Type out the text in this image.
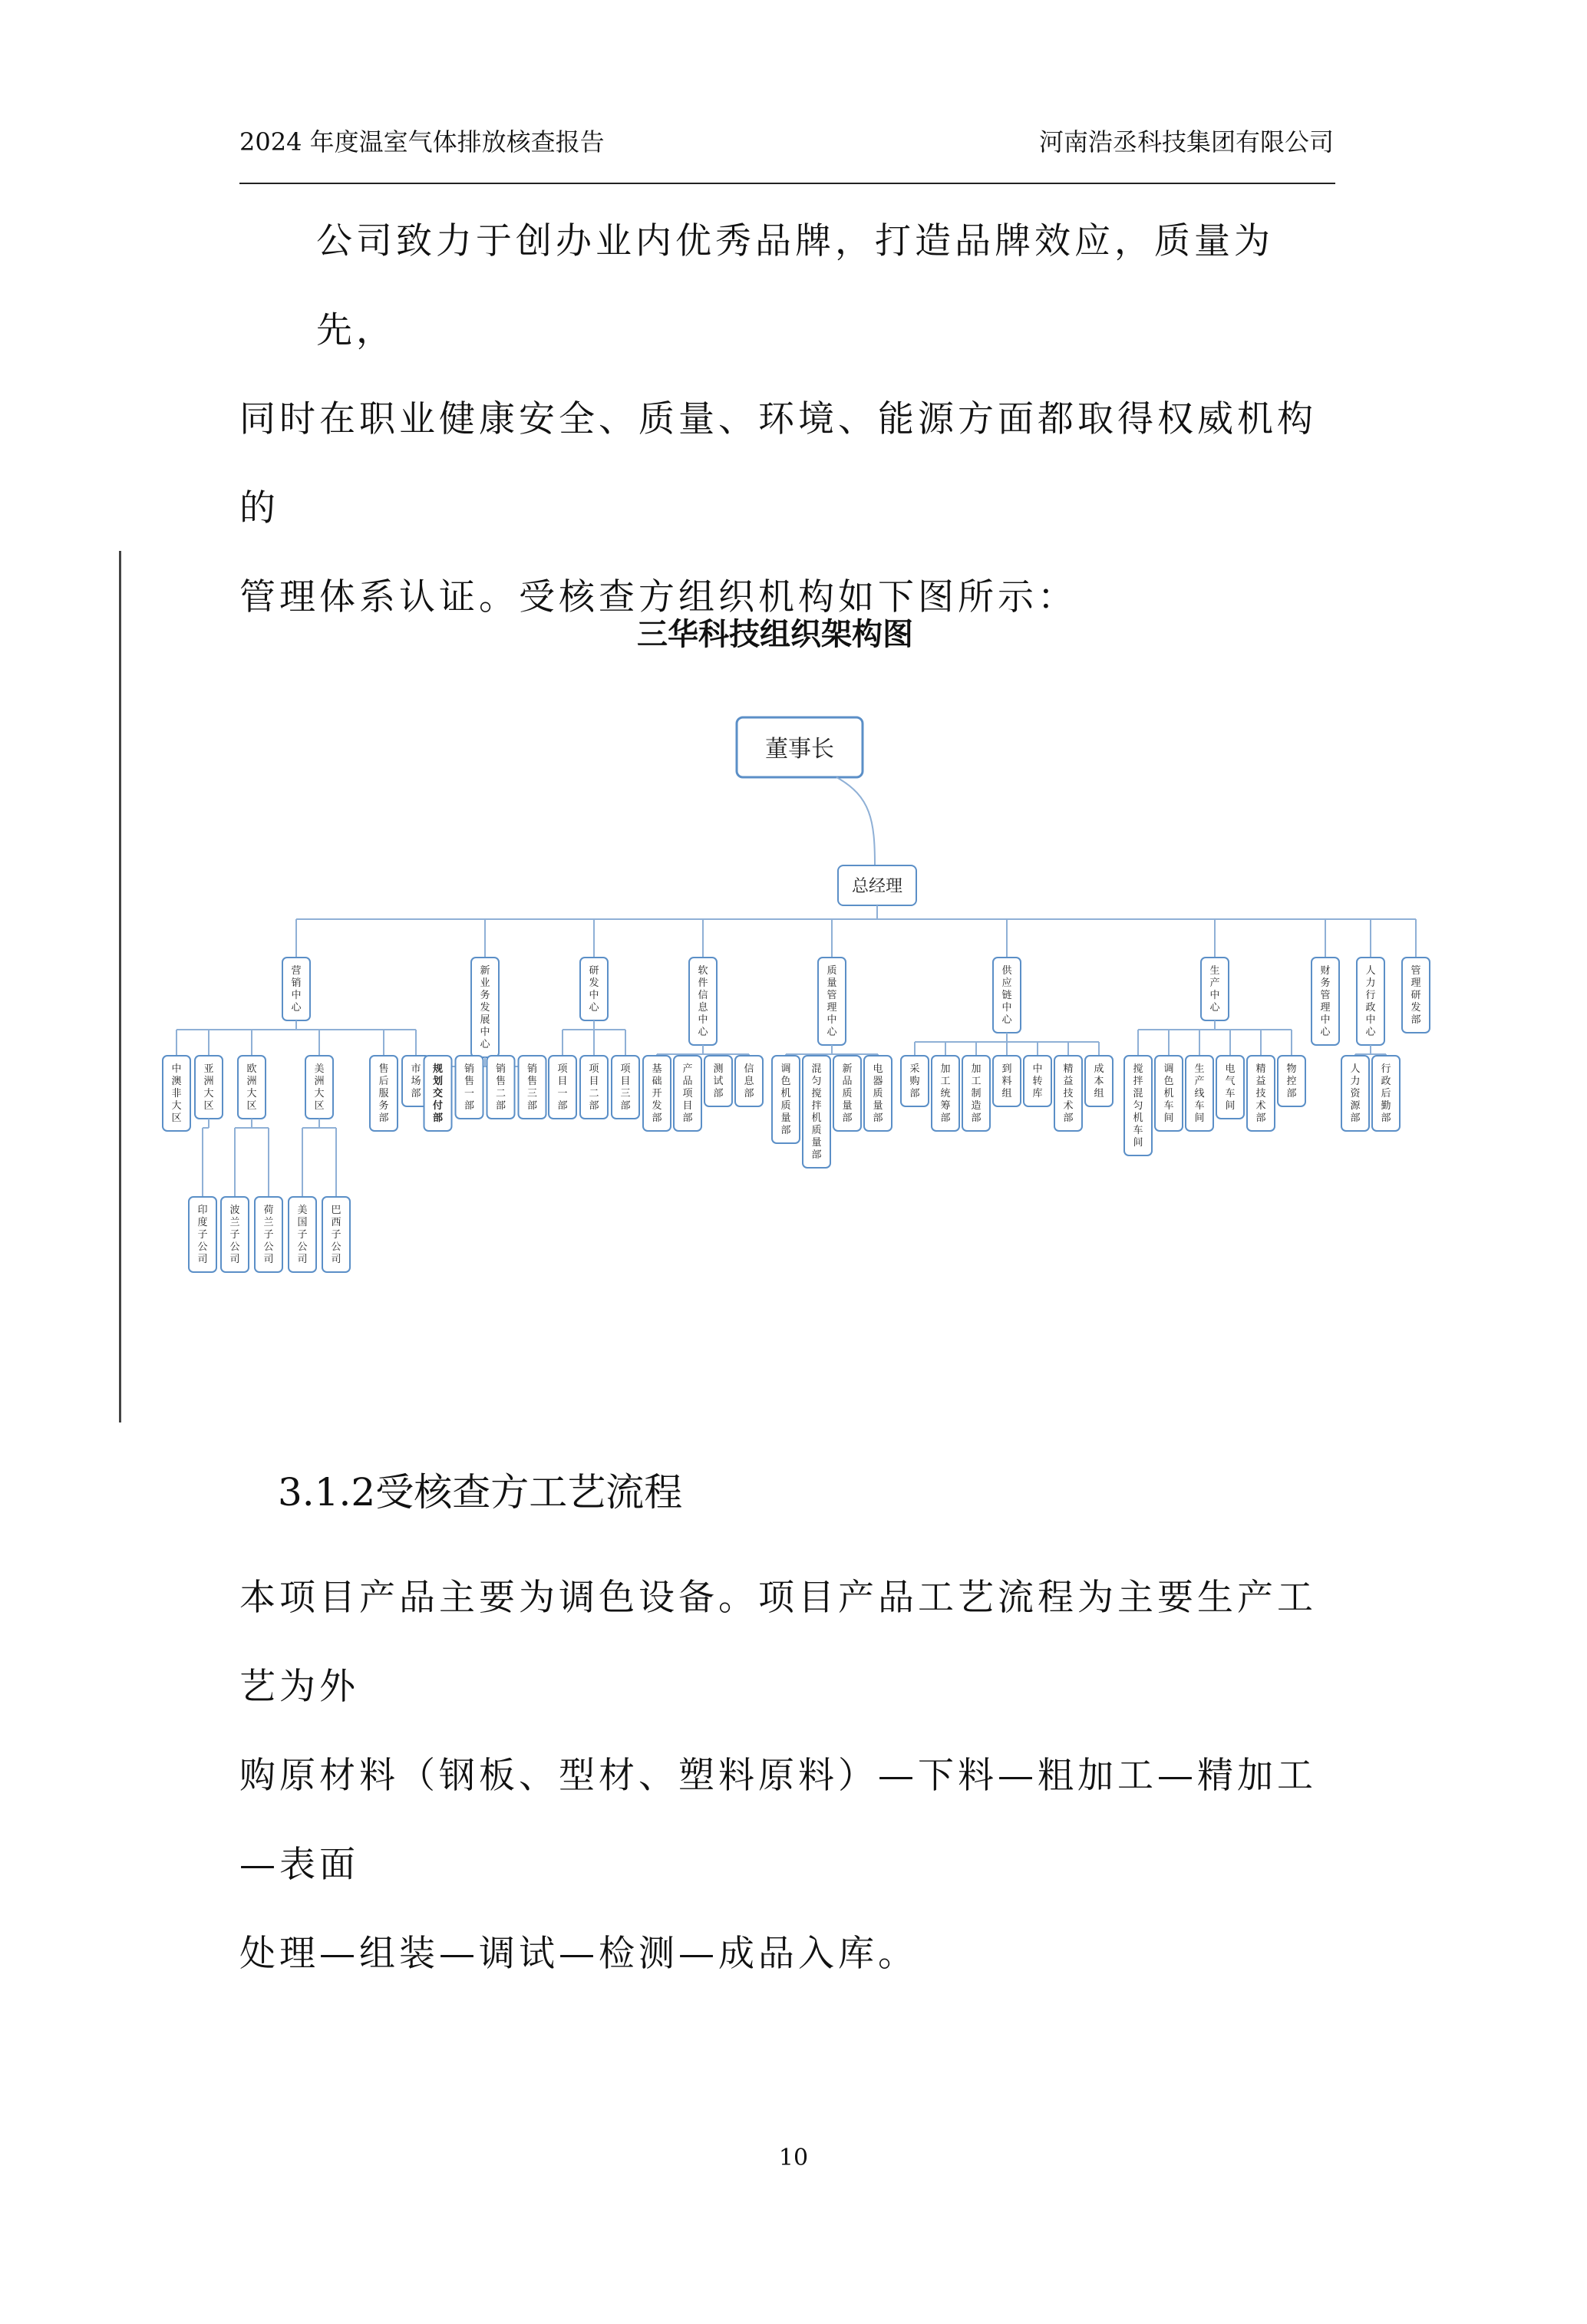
2024 年度温室气体排放核查报告	河南浩丞科技集团有限公司
公司致力于创办业内优秀品牌，打造品牌效应，质量为先，
同时在职业健康安全、质量、环境、能源方面都取得权威机构的
管理体系认证。受核查方组织机构如下图所示：
三华科技组织架构图
董事长
总经理
营销中心
中澳非大区
亚洲大区
印度子公司
欧洲大区
波兰子公司
荷兰子公司
美洲大区
美国子公司
巴西子公司
售后服务部
市场部
新业务发展中心
规划交付部
销售一部
销售二部
销售三部
研发中心
项目一部
项目二部
项目三部
软件信息中心
基础开发部
产品项目部
测试部
信息部
质量管理中心
调色机质量部
混匀搅拌机质量部
新品质量部
电器质量部
供应链中心
采购部
加工统筹部
加工制造部
到料组
中转库
精益技术部
成本组
生产中心
搅拌混匀机车间
调色机车间
生产线车间
电气车间
精益技术部
物控部
财务管理中心
人力行政中心
人力资源部
行政后勤部
管理研发部
3.1.2受核查方工艺流程
本项目产品主要为调色设备。项目产品工艺流程为主要生产工艺为外
购原材料（钢板、型材、塑料原料）—下料—粗加工—精加工—表面
处理—组装—调试—检测—成品入库。
10
